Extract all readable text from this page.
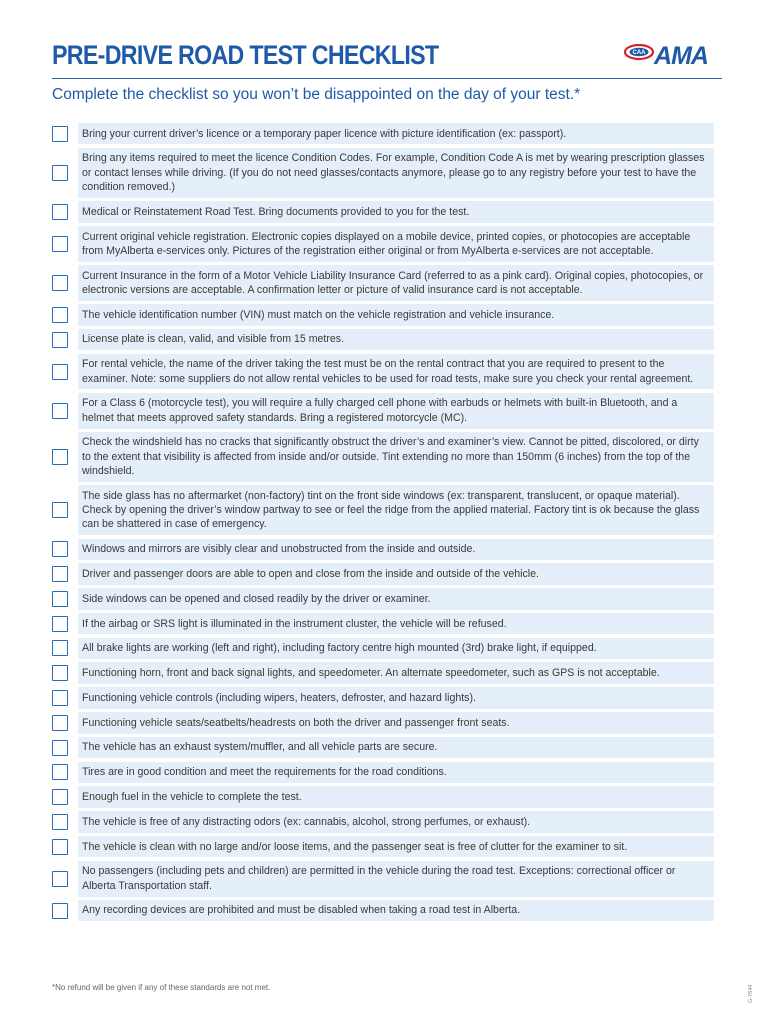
PRE-DRIVE ROAD TEST CHECKLIST	CAA AMA
Complete the checklist so you won’t be disappointed on the day of your test.*
Bring your current driver’s licence or a temporary paper licence with picture identification (ex: passport).
Bring any items required to meet the licence Condition Codes. For example, Condition Code A is met by wearing prescription glasses or contact lenses while driving. (If you do not need glasses/contacts anymore, please go to any registry before your test to have the condition removed.)
Medical or Reinstatement Road Test. Bring documents provided to you for the test.
Current original vehicle registration. Electronic copies displayed on a mobile device, printed copies, or photocopies are acceptable from MyAlberta e-services only. Pictures of the registration either original or from MyAlberta e-services are not acceptable.
Current Insurance in the form of a Motor Vehicle Liability Insurance Card (referred to as a pink card). Original copies, photocopies, or electronic versions are acceptable. A confirmation letter or picture of valid insurance card is not acceptable.
The vehicle identification number (VIN) must match on the vehicle registration and vehicle insurance.
License plate is clean, valid, and visible from 15 metres.
For rental vehicle, the name of the driver taking the test must be on the rental contract that you are required to present to the examiner. Note: some suppliers do not allow rental vehicles to be used for road tests, make sure you check your rental agreement.
For a Class 6 (motorcycle test), you will require a fully charged cell phone with earbuds or helmets with built-in Bluetooth, and a helmet that meets approved safety standards. Bring a registered motorcycle (MC).
Check the windshield has no cracks that significantly obstruct the driver’s and examiner’s view. Cannot be pitted, discolored, or dirty to the extent that visibility is affected from inside and/or outside. Tint extending no more than 150mm (6 inches) from the top of the windshield.
The side glass has no aftermarket (non-factory) tint on the front side windows (ex: transparent, translucent, or opaque material). Check by opening the driver’s window partway to see or feel the ridge from the applied material. Factory tint is ok because the glass can be shattered in case of emergency.
Windows and mirrors are visibly clear and unobstructed from the inside and outside.
Driver and passenger doors are able to open and close from the inside and outside of the vehicle.
Side windows can be opened and closed readily by the driver or examiner.
If the airbag or SRS light is illuminated in the instrument cluster, the vehicle will be refused.
All brake lights are working (left and right), including factory centre high mounted (3rd) brake light, if equipped.
Functioning horn, front and back signal lights, and speedometer. An alternate speedometer, such as GPS is not acceptable.
Functioning vehicle controls (including wipers, heaters, defroster, and hazard lights).
Functioning vehicle seats/seatbelts/headrests on both the driver and passenger front seats.
The vehicle has an exhaust system/muffler, and all vehicle parts are secure.
Tires are in good condition and meet the requirements for the road conditions.
Enough fuel in the vehicle to complete the test.
The vehicle is free of any distracting odors (ex: cannabis, alcohol, strong perfumes, or exhaust).
The vehicle is clean with no large and/or loose items, and the passenger seat is free of clutter for the examiner to sit.
No passengers (including pets and children) are permitted in the vehicle during the road test. Exceptions: correctional officer or Alberta Transportation staff.
Any recording devices are prohibited and must be disabled when taking a road test in Alberta.
*No refund will be given if any of these standards are not met.	G-7644
